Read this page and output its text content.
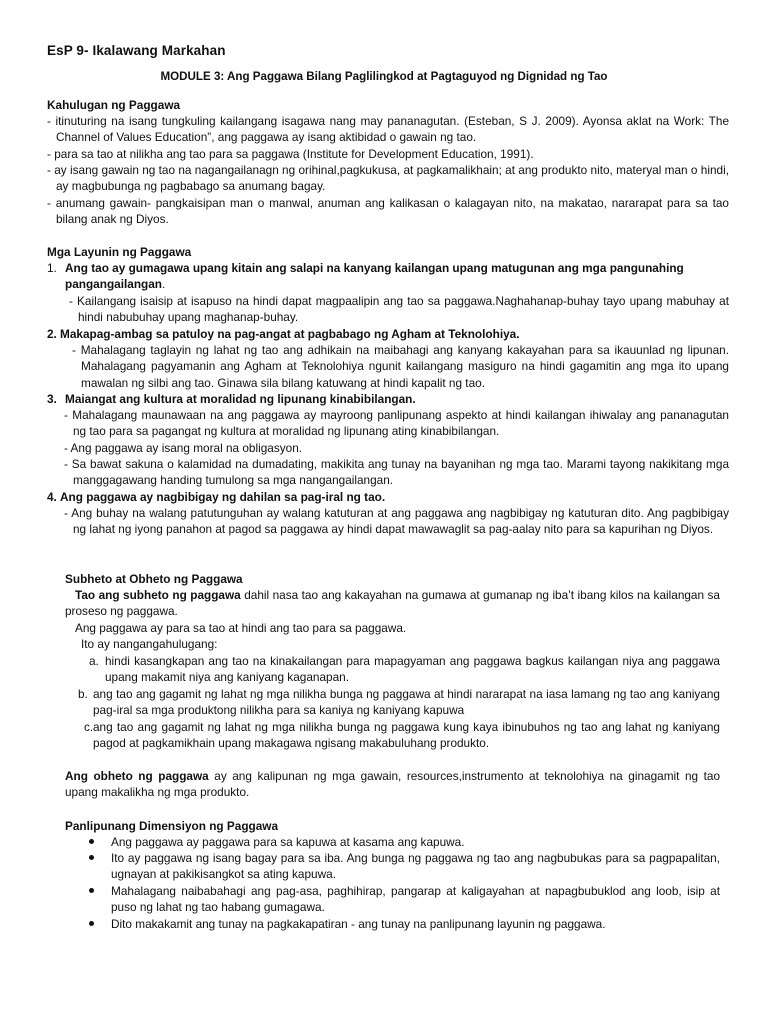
EsP 9- Ikalawang Markahan
MODULE 3: Ang Paggawa Bilang Paglilingkod at Pagtaguyod ng Dignidad ng Tao
Kahulugan ng Paggawa
- itinuturing na isang tungkuling kailangang isagawa nang may pananagutan. (Esteban, S J. 2009). Ayonsa aklat na Work: The Channel of Values Education”, ang paggawa ay isang aktibidad o gawain ng tao.
- para sa tao at nilikha ang tao para sa paggawa (Institute for Development Education, 1991).
- ay isang gawain ng tao na nagangailanagn ng orihinal,pagkukusa, at pagkamalikhain; at ang produkto nito, materyal man o hindi, ay magbubunga ng pagbabago sa anumang bagay.
- anumang gawain- pangkaisipan man o manwal, anuman ang kalikasan o kalagayan nito, na makatao, nararapat para sa tao bilang anak ng Diyos.
Mga Layunin ng Paggawa
1. Ang tao ay gumagawa upang kitain ang salapi na kanyang kailangan upang matugunan ang mga pangunahing pangangailangan.
- Kailangang isaisip at isapuso na hindi dapat magpaalipin ang tao sa paggawa.Naghahanap-buhay tayo upang mabuhay at hindi nabubuhay upang maghanap-buhay.
2. Makapag-ambag sa patuloy na pag-angat at pagbabago ng Agham at Teknolohiya.
- Mahalagang taglayin ng lahat ng tao ang adhikain na maibahagi ang kanyang kakayahan para sa ikauunlad ng lipunan. Mahalagang pagyamanin ang Agham at Teknolohiya ngunit kailangang masiguro na hindi gagamitin ang mga ito upang mawalan ng silbi ang tao. Ginawa sila bilang katuwang at hindi kapalit ng tao.
3. Maiangat ang kultura at moralidad ng lipunang kinabibilangan.
- Mahalagang maunawaan na ang paggawa ay mayroong panlipunang aspekto at hindi kailangan ihiwalay ang pananagutan ng tao para sa pagangat ng kultura at moralidad ng lipunang ating kinabibilangan.
- Ang paggawa ay isang moral na obligasyon.
- Sa bawat sakuna o kalamidad na dumadating, makikita ang tunay na bayanihan ng mga tao. Marami tayong nakikitang mga manggagawang handing tumulong sa mga nangangailangan.
4. Ang paggawa ay nagbibigay ng dahilan sa pag-iral ng tao.
- Ang buhay na walang patutunguhan ay walang katuturan at ang paggawa ang nagbibigay ng katuturan dito. Ang pagbibigay ng lahat ng iyong panahon at pagod sa paggawa ay hindi dapat mawawaglit sa pag-aalay nito para sa kapurihan ng Diyos.
Subheto at Obheto ng Paggawa
Tao ang subheto ng paggawa dahil nasa tao ang kakayahan na gumawa at gumanap ng iba’t ibang kilos na kailangan sa proseso ng paggawa.
Ang paggawa ay para sa tao at hindi ang tao para sa paggawa.
Ito ay nangangahulugang:
a. hindi kasangkapan ang tao na kinakailangan para mapagyaman ang paggawa bagkus kailangan niya ang paggawa upang makamit niya ang kaniyang kaganapan.
b. ang tao ang gagamit ng lahat ng mga nilikha bunga ng paggawa at hindi nararapat na iasa lamang ng tao ang kaniyang pag-iral sa mga produktong nilikha para sa kaniya ng kaniyang kapuwa
c. ang tao ang gagamit ng lahat ng mga nilikha bunga ng paggawa kung kaya ibinubuhos ng tao ang lahat ng kaniyang pagod at pagkamikhain upang makagawa ngisang makabuluhang produkto.
Ang obheto ng paggawa ay ang kalipunan ng mga gawain, resources,instrumento at teknolohiya na ginagamit ng tao upang makalikha ng mga produkto.
Panlipunang Dimensiyon ng Paggawa
Ang paggawa ay paggawa para sa kapuwa at kasama ang kapuwa.
Ito ay paggawa ng isang bagay para sa iba. Ang bunga ng paggawa ng tao ang nagbubukas para sa pagpapalitan, ugnayan at pakikisangkot sa ating kapuwa.
Mahalagang naibabahagi ang pag-asa, paghihirap, pangarap at kaligayahan at napagbubuklod ang loob, isip at puso ng lahat ng tao habang gumagawa.
Dito makakamit ang tunay na pagkakapatiran - ang tunay na panlipunang layunin ng paggawa.
